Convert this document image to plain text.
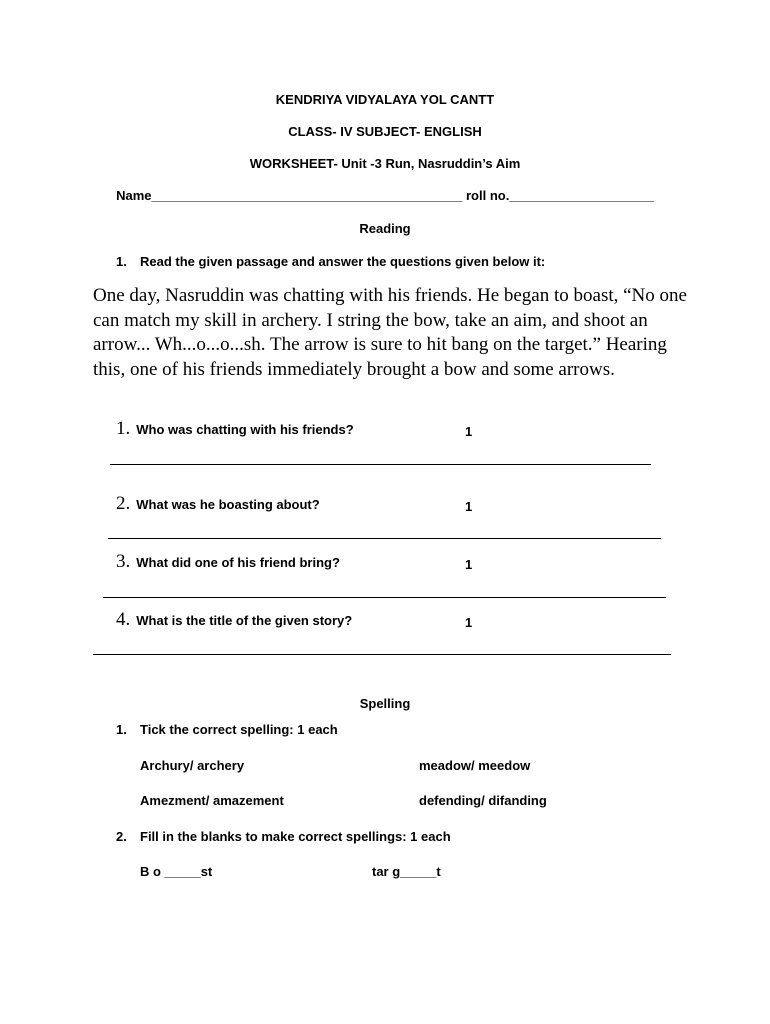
KENDRIYA VIDYALAYA YOL CANTT
CLASS- IV SUBJECT- ENGLISH
WORKSHEET- Unit -3 Run, Nasruddin’s Aim
Name___________________________________________ roll no.____________________
Reading
1. Read the given passage and answer the questions given below it:
One day, Nasruddin was chatting with his friends. He began to boast, “No one can match my skill in archery. I string the bow, take an aim, and shoot an arrow... Wh...o...o...sh. The arrow is sure to hit bang on the target.” Hearing this, one of his friends immediately brought a bow and some arrows.
1. Who was chatting with his friends?	1
2. What was he boasting about?	1
3. What did one of his friend bring?	1
4. What is the title of the given story?	1
Spelling
1. Tick the correct spelling: 1 each
Archury/ archery	meadow/ meedow
Amezment/ amazement	defending/ difanding
2. Fill in the blanks to make correct spellings: 1 each
B o _____st	tar g_____t
